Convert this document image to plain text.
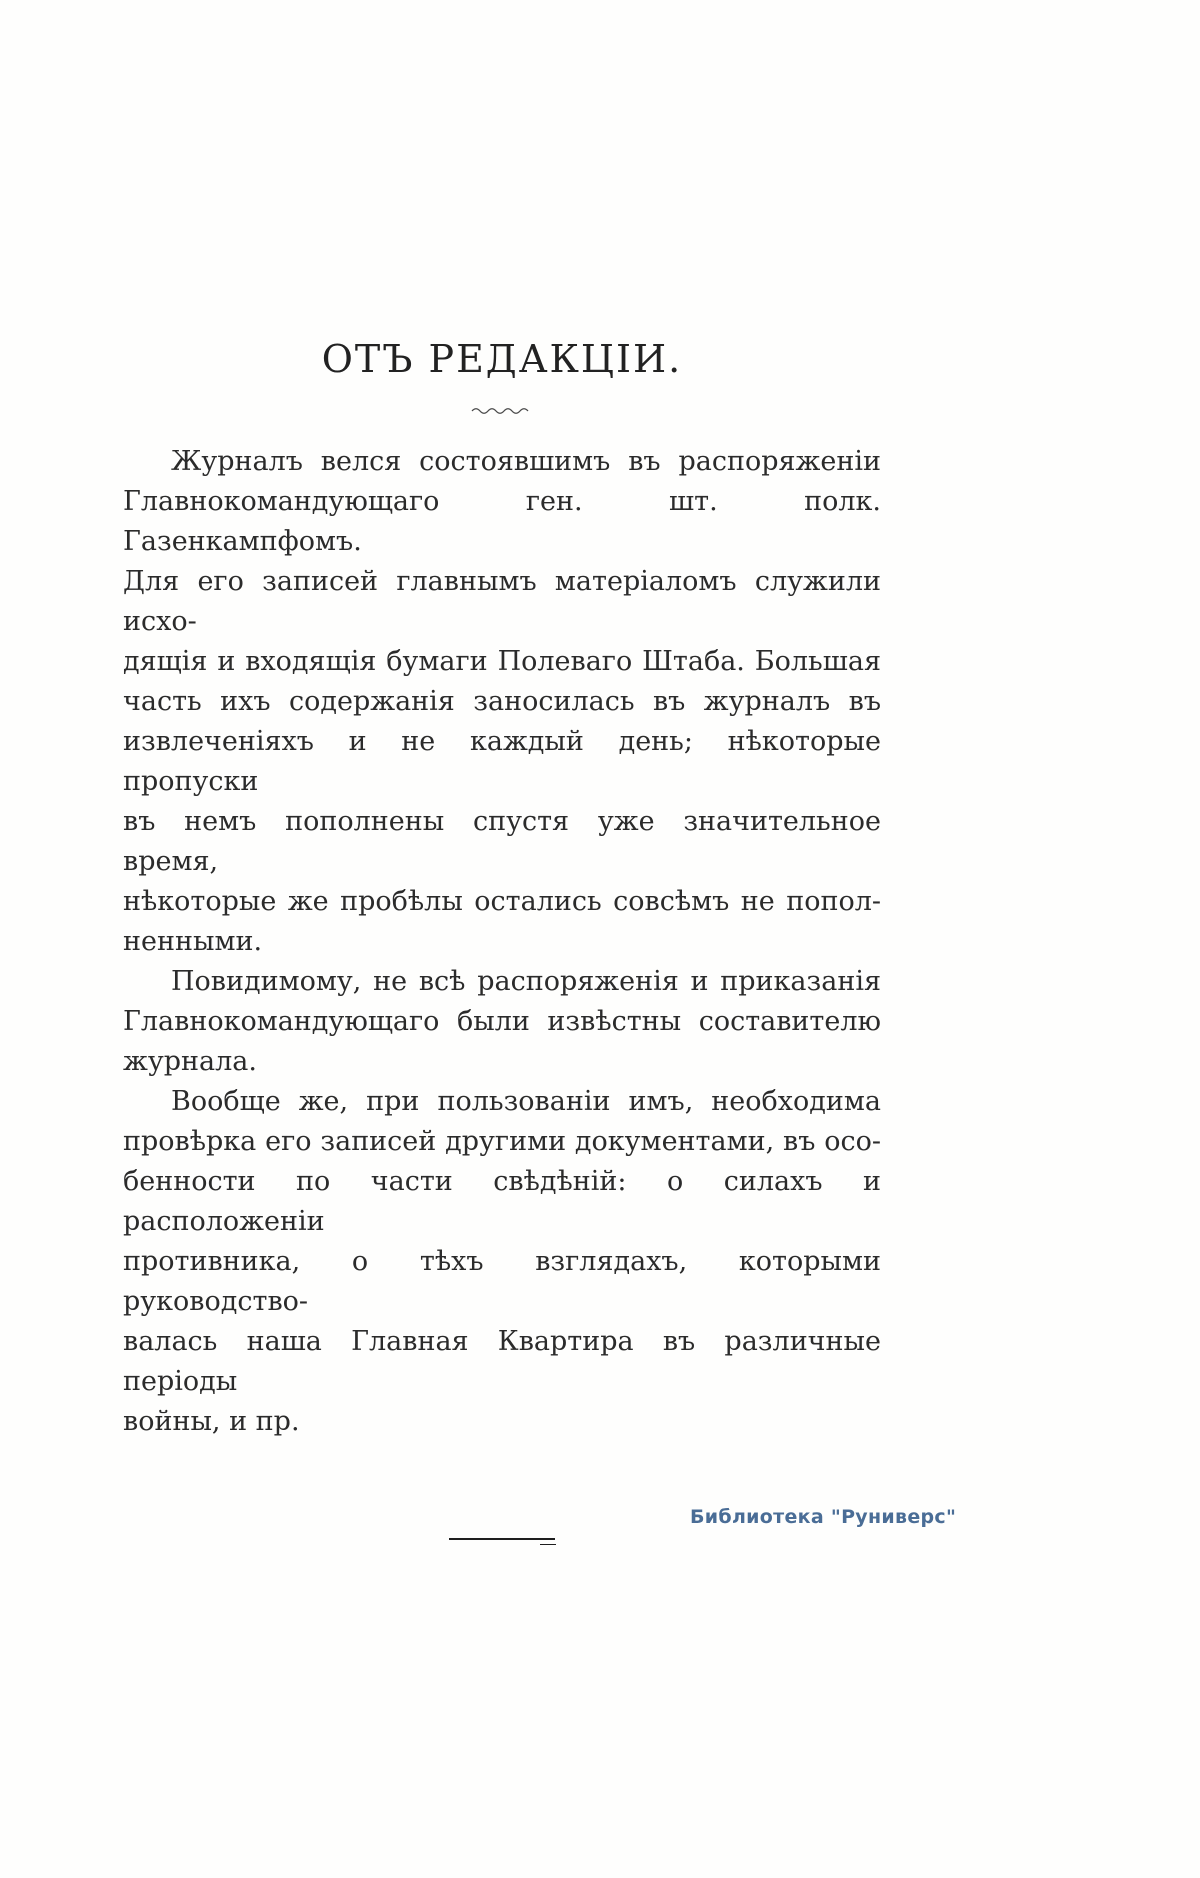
ОТЪ РЕДАКЦІИ.
Журналъ велся состоявшимъ въ распоряженіи
Главнокомандующаго ген. шт. полк. Газенкампфомъ.
Для его записей главнымъ матеріаломъ служили исхо-
дящія и входящія бумаги Полеваго Штаба. Большая
часть ихъ содержанія заносилась въ журналъ въ
извлеченіяхъ и не каждый день; нѣкоторые пропуски
въ немъ пополнены спустя уже значительное время,
нѣкоторые же пробѣлы остались совсѣмъ не попол-
ненными.
Повидимому, не всѣ распоряженія и приказанія
Главнокомандующаго были извѣстны составителю
журнала.
Вообще же, при пользованіи имъ, необходима
провѣрка его записей другими документами, въ осо-
бенности по части свѣдѣній: о силахъ и расположеніи
противника, о тѣхъ взглядахъ, которыми руководство-
валась наша Главная Квартира въ различные періоды
войны, и пр.
Библиотека "Руниверс"
